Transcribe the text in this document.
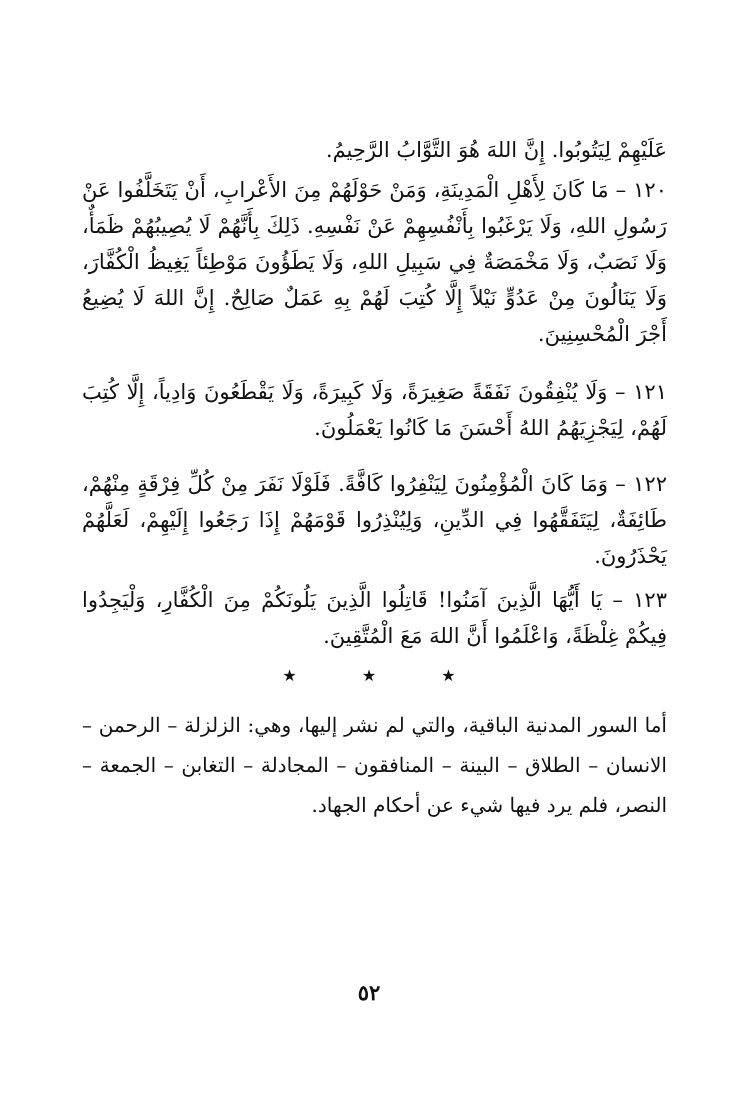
عَلَيْهِمْ لِيَتُوبُوا. إِنَّ اللهَ هُوَ التَّوَّابُ الرَّحِيمُ.

١٢٠ – مَا كَانَ لِأَهْلِ الْمَدِينَةِ، وَمَنْ حَوْلَهُمْ مِنَ الأَعْرابِ، أَنْ يَتَخَلَّفُوا عَنْ رَسُولِ اللهِ، وَلَا يَرْغَبُوا بِأَنْفُسِهِمْ عَنْ نَفْسِهِ. ذَلِكَ بِأَنَّهُمْ لَا يُصِيبُهُمْ ظَمَأٌ، وَلَا نَصَبٌ، وَلَا مَخْمَصَةٌ فِي سَبِيلِ اللهِ، وَلَا يَطَؤُونَ مَوْطِئاً يَغِيظُ الْكُفَّارَ، وَلَا يَنَالُونَ مِنْ عَدُوٍّ نَيْلاً إِلَّا كُتِبَ لَهُمْ بِهِ عَمَلٌ صَالِحٌ. إِنَّ اللهَ لَا يُضِيعُ أَجْرَ الْمُحْسِنِينَ.

١٢١ – وَلَا يُنْفِقُونَ نَفَقَةً صَغِيرَةً، وَلَا كَبِيرَةً، وَلَا يَقْطَعُونَ وَادِياً، إِلَّا كُتِبَ لَهُمْ، لِيَجْزِيَهُمُ اللهُ أَحْسَنَ مَا كَانُوا يَعْمَلُونَ.

١٢٢ – وَمَا كَانَ الْمُؤْمِنُونَ لِيَنْفِرُوا كَافَّةً. فَلَوْلَا نَفَرَ مِنْ كُلِّ فِرْقَةٍ مِنْهُمْ، طَائِفَةٌ، لِيَتَفَقَّهُوا فِي الدِّينِ، وَلِيُنْذِرُوا قَوْمَهُمْ إِذَا رَجَعُوا إِلَيْهِمْ، لَعَلَّهُمْ يَحْذَرُونَ.

١٢٣ – يَا أَيُّهَا الَّذِينَ آمَنُوا! قَاتِلُوا الَّذِينَ يَلُونَكُمْ مِنَ الْكُفَّارِ، وَلْيَجِدُوا فِيكُمْ غِلْظَةً، وَاعْلَمُوا أَنَّ اللهَ مَعَ الْمُتَّقِينَ.

★ ★ ★

أما السور المدنية الباقية، والتي لم نشر إليها، وهي: الزلزلة – الرحمن – الانسان – الطلاق – البينة – المنافقون – المجادلة – التغابن – الجمعة – النصر، فلم يرد فيها شيء عن أحكام الجهاد.

٥٢
